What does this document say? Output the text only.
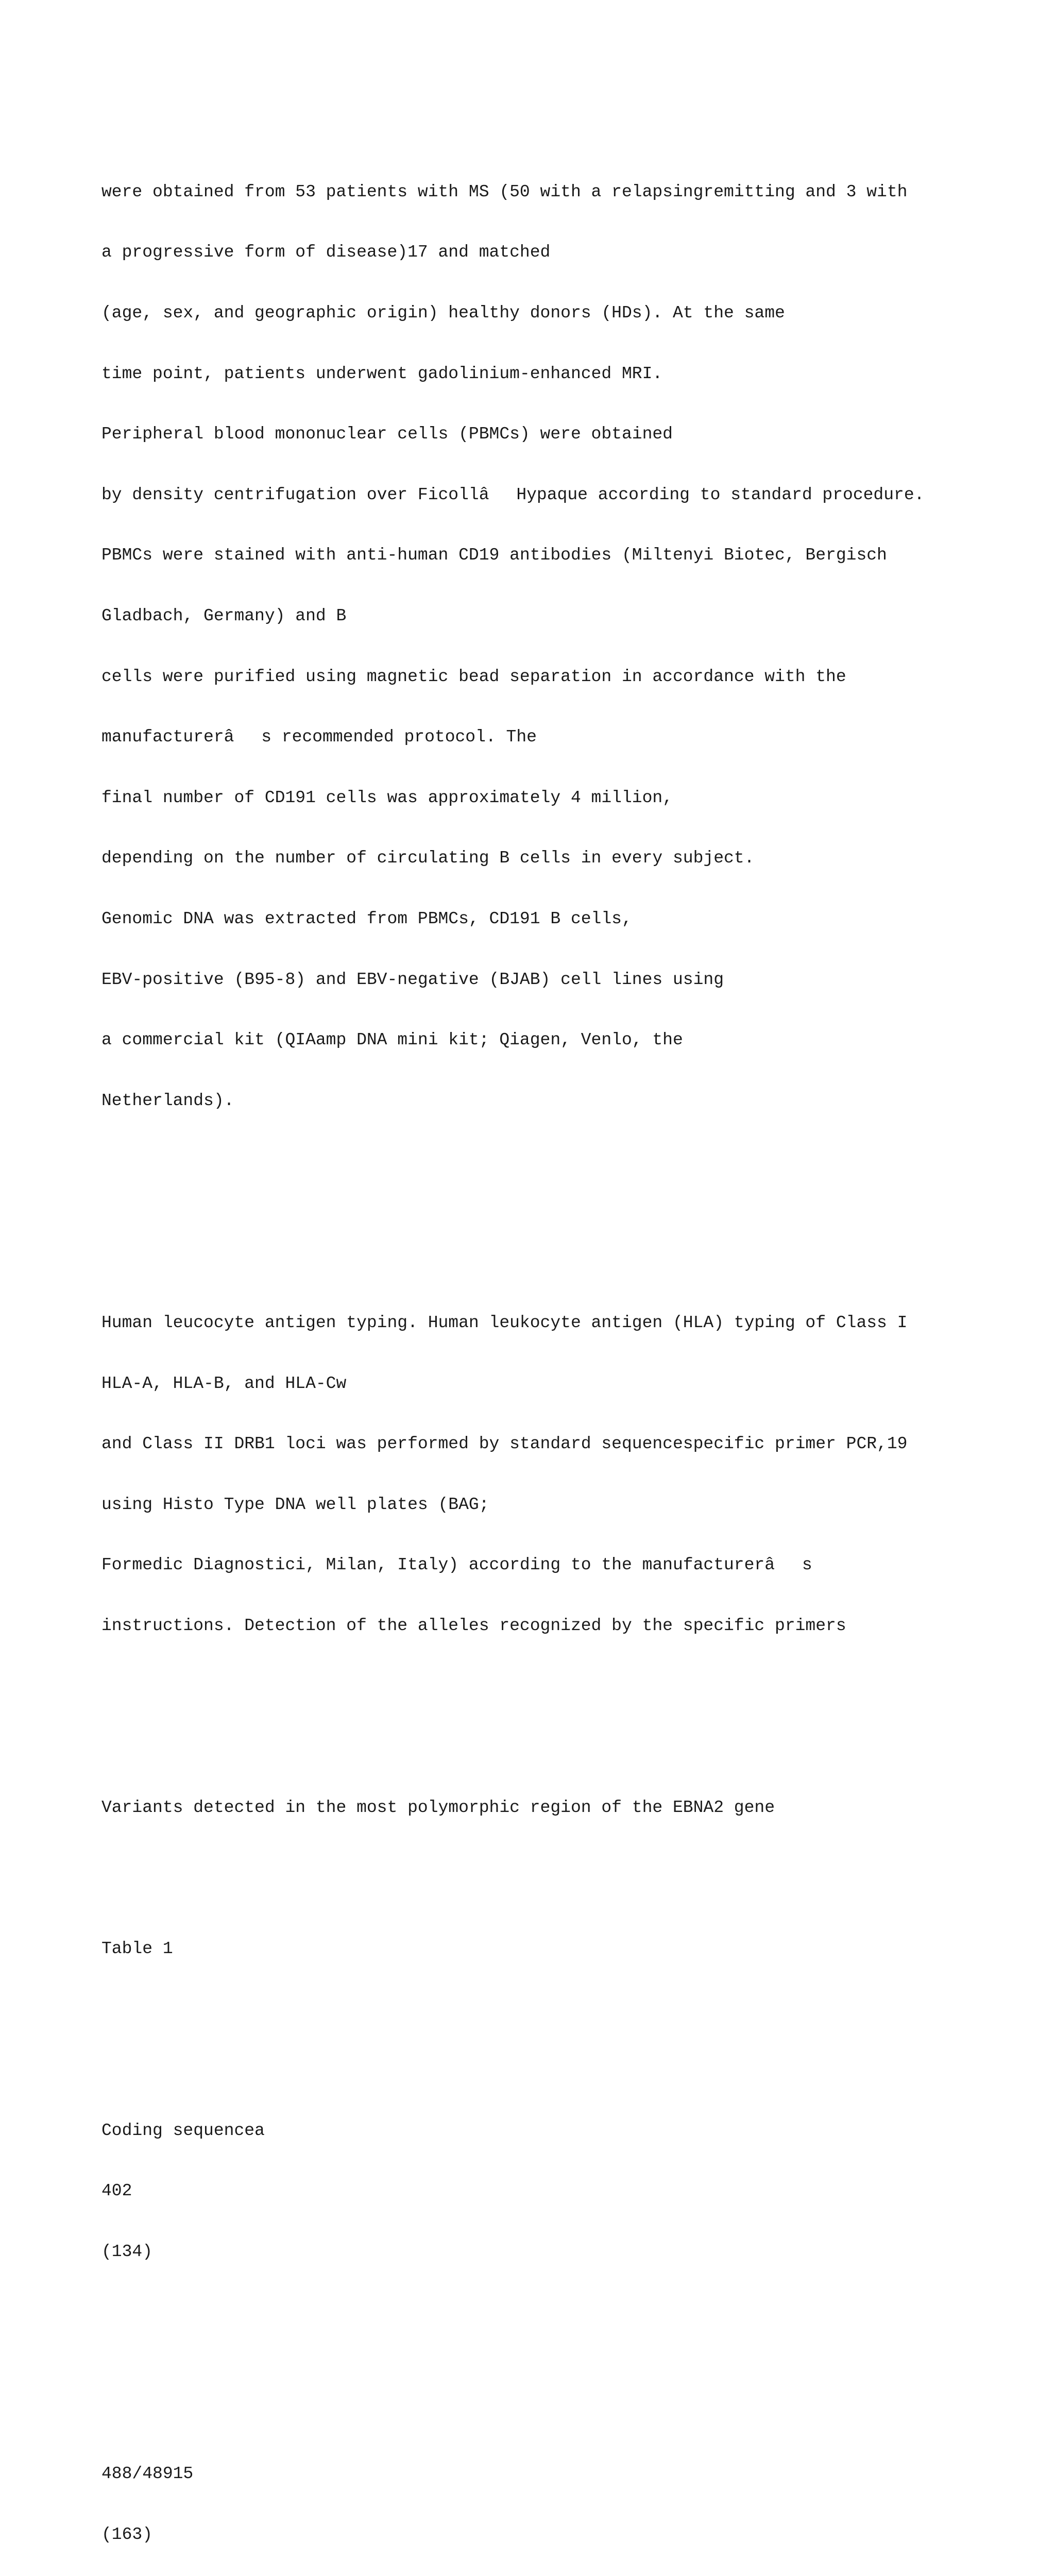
were obtained from 53 patients with MS (50 with a relapsingremitting and 3 with

a progressive form of disease)17 and matched

(age, sex, and geographic origin) healthy donors (HDs). At the same

time point, patients underwent gadolinium-enhanced MRI.

Peripheral blood mononuclear cells (PBMCs) were obtained

by density centrifugation over FicollâHypaque according to standard procedure.

PBMCs were stained with anti-human CD19 antibodies (Miltenyi Biotec, Bergisch

Gladbach, Germany) and B

cells were purified using magnetic bead separation in accordance with the

manufacturerâs recommended protocol. The

final number of CD191 cells was approximately 4 million,

depending on the number of circulating B cells in every subject.

Genomic DNA was extracted from PBMCs, CD191 B cells,

EBV-positive (B95-8) and EBV-negative (BJAB) cell lines using

a commercial kit (QIAamp DNA mini kit; Qiagen, Venlo, the

Netherlands).

Human leucocyte antigen typing. Human leukocyte antigen (HLA) typing of Class I

HLA-A, HLA-B, and HLA-Cw

and Class II DRB1 loci was performed by standard sequencespecific primer PCR,19

using Histo Type DNA well plates (BAG;

Formedic Diagnostici, Milan, Italy) according to the manufacturerâs

instructions. Detection of the alleles recognized by the specific primers

Variants detected in the most polymorphic region of the EBNA2 gene

Table 1

Coding sequencea

402

(134)

488/48915

(163)
